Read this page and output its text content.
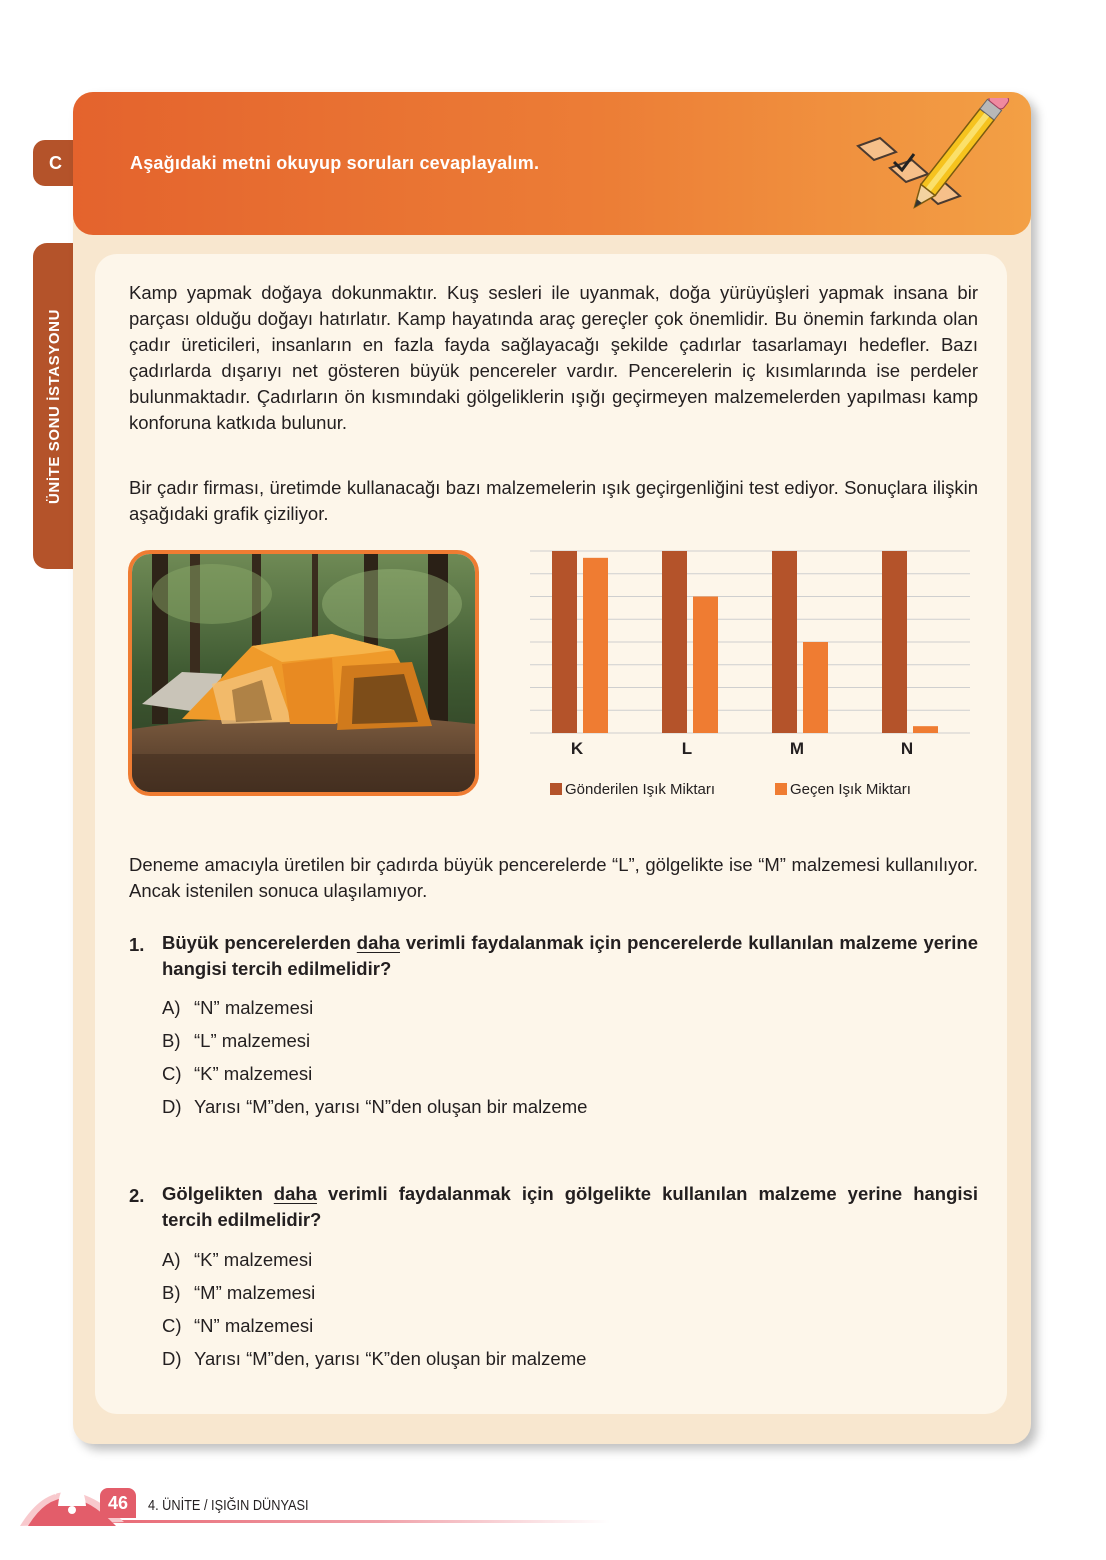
C
ÜNİTE SONU İSTASYONU
Aşağıdaki metni okuyup soruları cevaplayalım.

Kamp yapmak doğaya dokunmaktır. Kuş sesleri ile uyanmak, doğa yürüyüşleri yapmak insana bir parçası olduğu doğayı hatırlatır. Kamp hayatında araç gereçler çok önemlidir. Bu önemin farkında olan çadır üreticileri, insanların en fazla fayda sağlayacağı şekilde çadırlar tasarlamayı hedefler. Bazı çadırlarda dışarıyı net gösteren büyük pencereler vardır. Pencerelerin iç kısımlarında ise perdeler bulunmaktadır. Çadırların ön kısmındaki gölgeliklerin ışığı geçirmeyen malzemelerden yapılması kamp konforuna katkıda bulunur.

Bir çadır firması, üretimde kullanacağı bazı malzemelerin ışık geçirgenliğini test ediyor. Sonuçlara ilişkin aşağıdaki grafik çiziliyor.

K	L	M	N
Gönderilen Işık Miktarı	Geçen Işık Miktarı

Deneme amacıyla üretilen bir çadırda büyük pencerelerde “L”, gölgelikte ise “M” malzemesi kullanılıyor. Ancak istenilen sonuca ulaşılamıyor.

1. Büyük pencerelerden daha verimli faydalanmak için pencerelerde kullanılan malzeme yerine hangisi tercih edilmelidir?

A) “N” malzemesi
B) “L” malzemesi
C) “K” malzemesi
D) Yarısı “M”den, yarısı “N”den oluşan bir malzeme
2. Gölgelikten daha verimli faydalanmak için gölgelikte kullanılan malzeme yerine hangisi tercih edilmelidir?

A) “K” malzemesi
B) “M” malzemesi
C) “N” malzemesi
D) Yarısı “M”den, yarısı “K”den oluşan bir malzeme
46	4. ÜNİTE / IŞIĞIN DÜNYASI
